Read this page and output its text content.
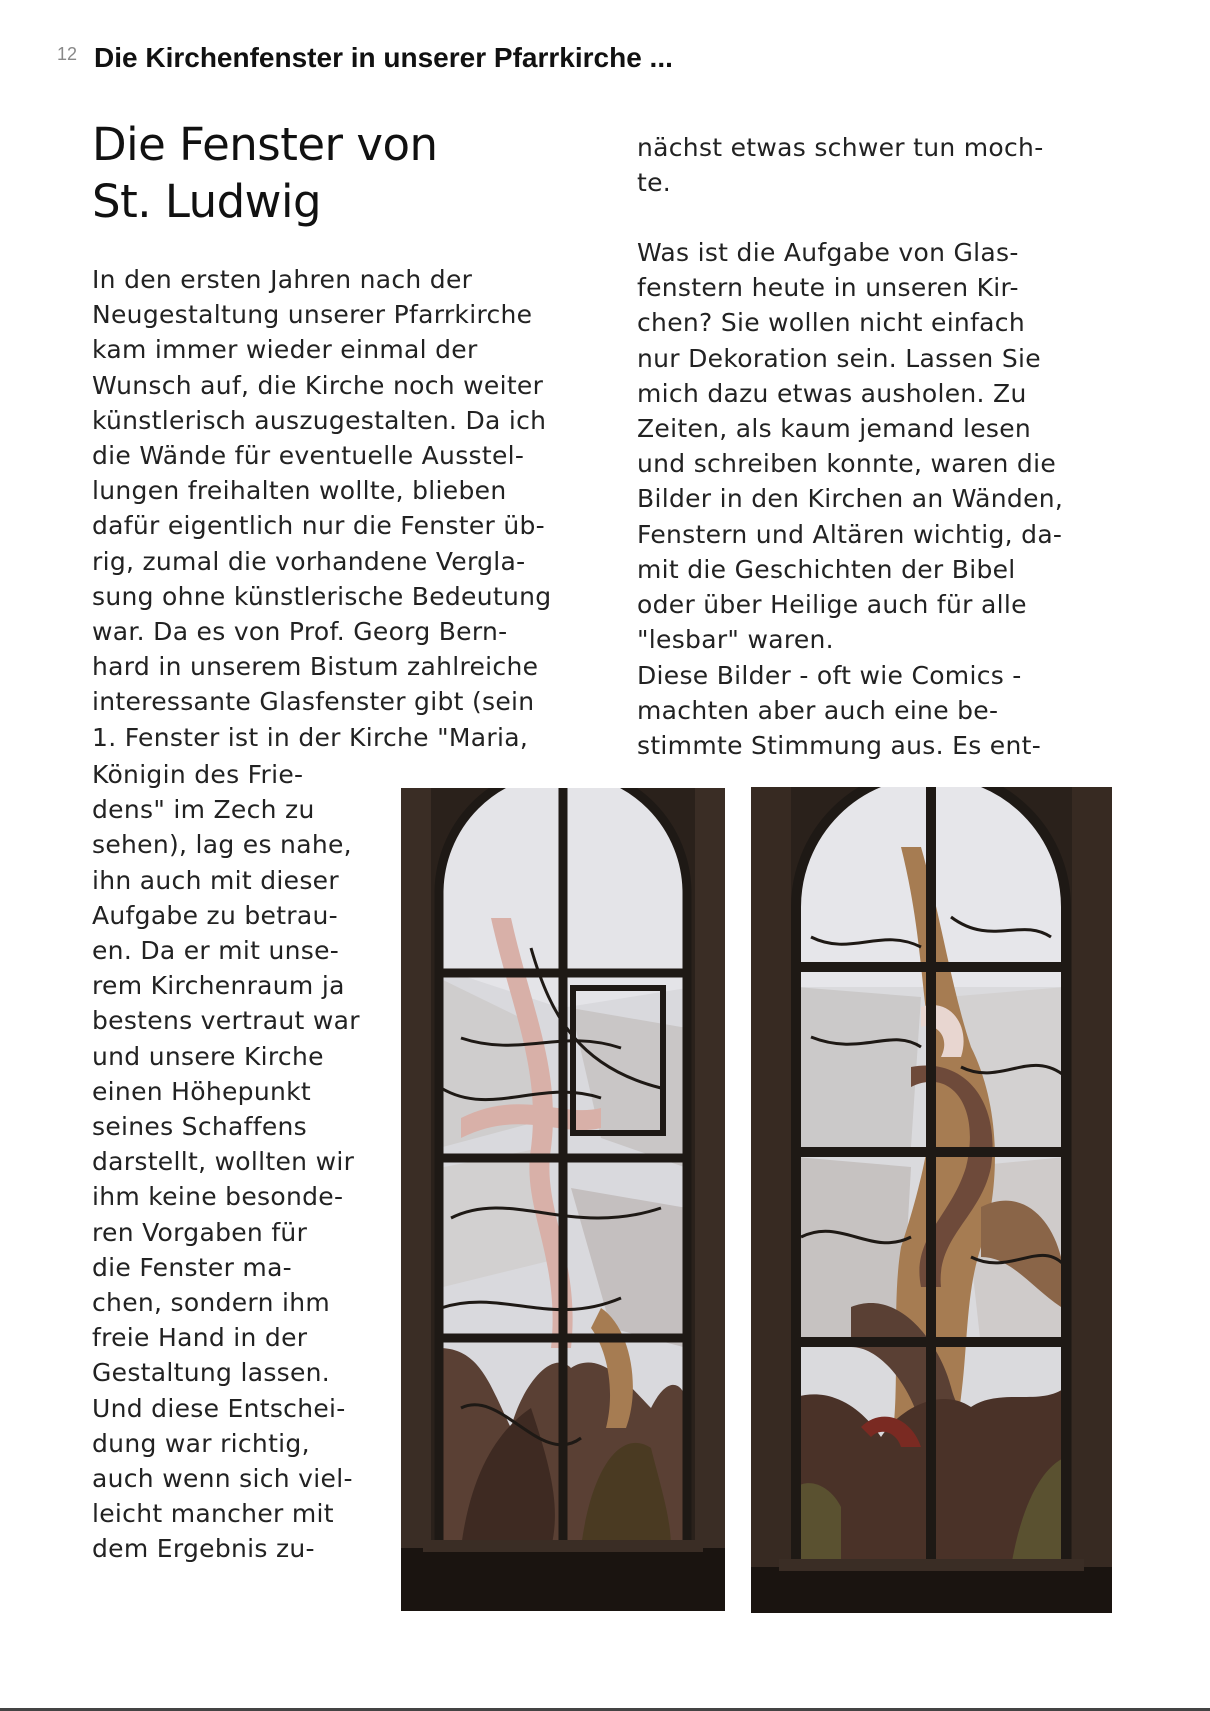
12 Die Kirchenfenster in unserer Pfarrkirche ...
Die Fenster von
St. Ludwig

In den ersten Jahren nach der
Neugestaltung unserer Pfarrkirche
kam immer wieder einmal der
Wunsch auf, die Kirche noch weiter
künstlerisch auszugestalten. Da ich
die Wände für eventuelle Ausstel-
lungen freihalten wollte, blieben
dafür eigentlich nur die Fenster üb-
rig, zumal die vorhandene Vergla-
sung ohne künstlerische Bedeutung
war. Da es von Prof. Georg Bern-
hard in unserem Bistum zahlreiche
interessante Glasfenster gibt (sein
1. Fenster ist in der Kirche "Maria,

Königin des Frie-
dens" im Zech zu
sehen), lag es nahe,
ihn auch mit dieser
Aufgabe zu betrau-
en. Da er mit unse-
rem Kirchenraum ja
bestens vertraut war
und unsere Kirche
einen Höhepunkt
seines Schaffens
darstellt, wollten wir
ihm keine besonde-
ren Vorgaben für
die Fenster ma-
chen, sondern ihm
freie Hand in der
Gestaltung lassen.
Und diese Entschei-
dung war richtig,
auch wenn sich viel-
leicht mancher mit
dem Ergebnis zu-

nächst etwas schwer tun moch-
te.

Was ist die Aufgabe von Glas-
fenstern heute in unseren Kir-
chen? Sie wollen nicht einfach
nur Dekoration sein. Lassen Sie
mich dazu etwas ausholen. Zu
Zeiten, als kaum jemand lesen
und schreiben konnte, waren die
Bilder in den Kirchen an Wänden,
Fenstern und Altären wichtig, da-
mit die Geschichten der Bibel
oder über Heilige auch für alle
"lesbar" waren.

Diese Bilder - oft wie Comics -
machten aber auch eine be-
stimmte Stimmung aus. Es ent-
